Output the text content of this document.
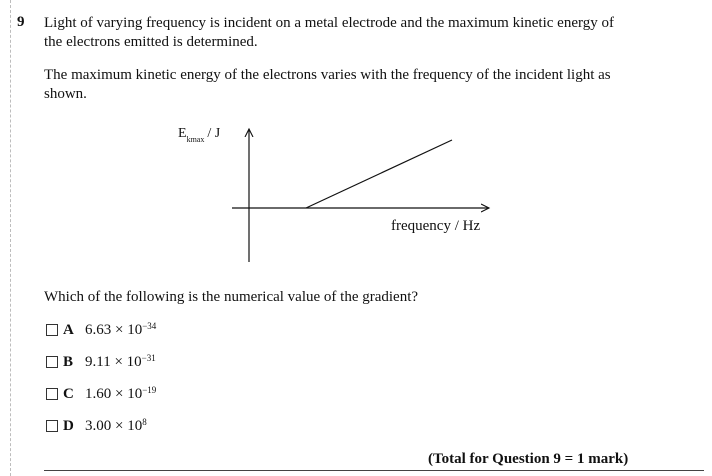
9 Light of varying frequency is incident on a metal electrode and the maximum kinetic energy of the electrons emitted is determined.
The maximum kinetic energy of the electrons varies with the frequency of the incident light as shown.
$E_{kmax}$ / J
frequency / Hz
Which of the following is the numerical value of the gradient?
A $6.63 \times 10^{-34}$
B $9.11 \times 10^{-31}$
C $1.60 \times 10^{-19}$
D $3.00 \times 10^8$
(Total for Question 9 = 1 mark)
